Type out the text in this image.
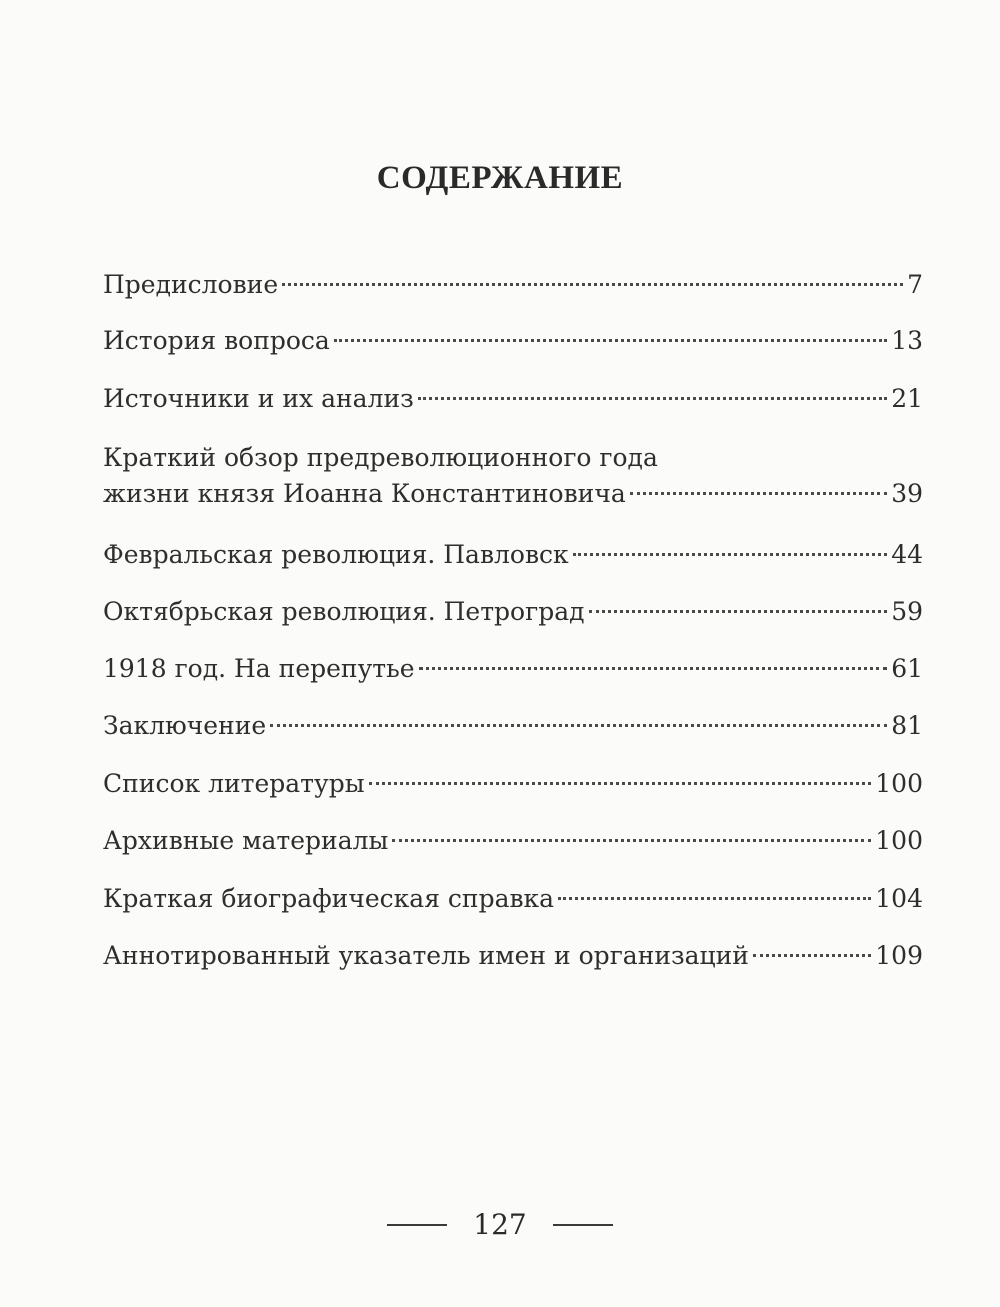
СОДЕРЖАНИЕ
Предисловие	7
История вопроса	13
Источники и их анализ	21
Краткий обзор предреволюционного года
жизни князя Иоанна Константиновича	39
Февральская революция. Павловск	44
Октябрьская революция. Петроград	59
1918 год. На перепутье	61
Заключение	81
Список литературы	100
Архивные материалы	100
Краткая биографическая справка	104
Аннотированный указатель имен и организаций	109
127
